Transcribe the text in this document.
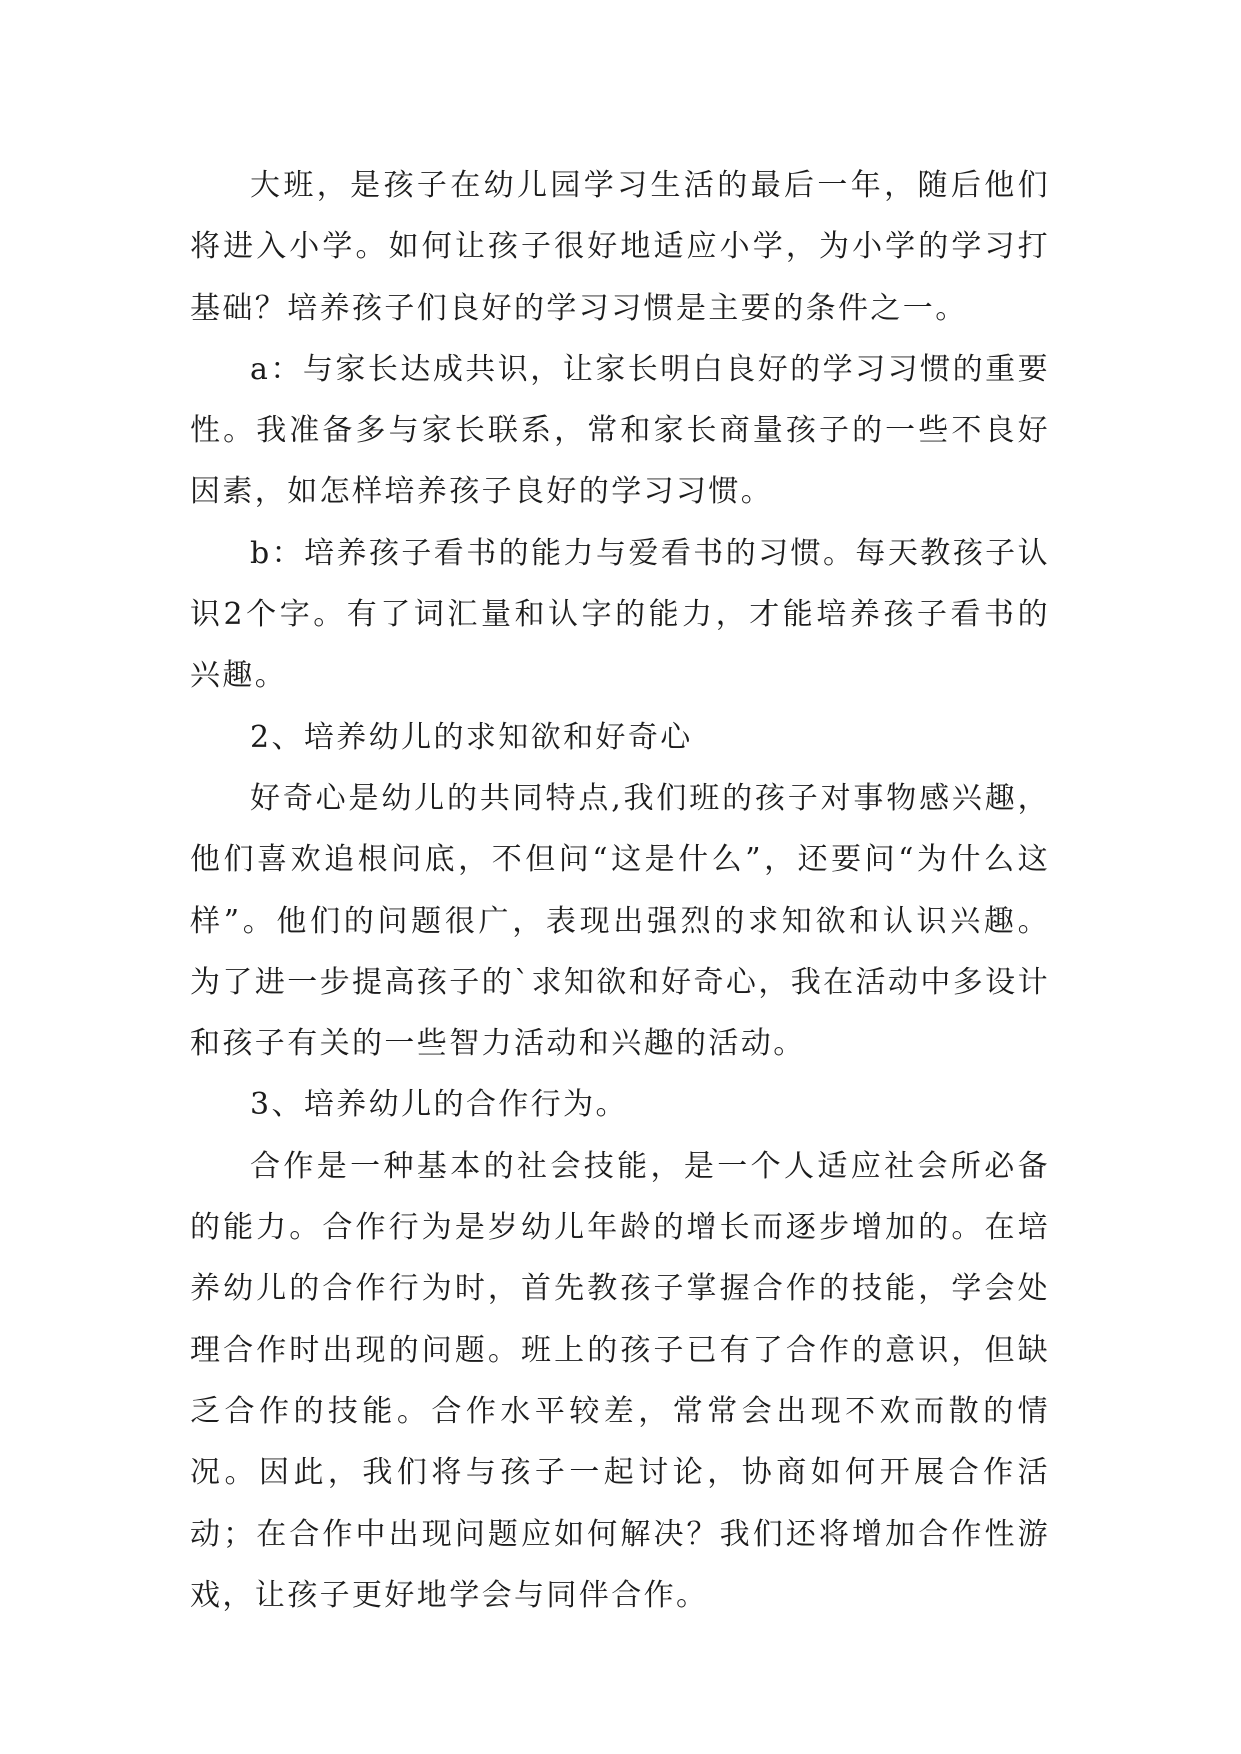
大班，是孩子在幼儿园学习生活的最后一年，随后他们将进入小学。如何让孩子很好地适应小学，为小学的学习打基础？培养孩子们良好的学习习惯是主要的条件之一。

a：与家长达成共识，让家长明白良好的学习习惯的重要性。我准备多与家长联系，常和家长商量孩子的一些不良好因素，如怎样培养孩子良好的学习习惯。

b：培养孩子看书的能力与爱看书的习惯。每天教孩子认识2个字。有了词汇量和认字的能力，才能培养孩子看书的兴趣。

2、培养幼儿的求知欲和好奇心

好奇心是幼儿的共同特点,我们班的孩子对事物感兴趣，他们喜欢追根问底，不但问“这是什么”，还要问“为什么这样”。他们的问题很广，表现出强烈的求知欲和认识兴趣。为了进一步提高孩子的`求知欲和好奇心，我在活动中多设计和孩子有关的一些智力活动和兴趣的活动。

3、培养幼儿的合作行为。

合作是一种基本的社会技能，是一个人适应社会所必备的能力。合作行为是岁幼儿年龄的增长而逐步增加的。在培养幼儿的合作行为时，首先教孩子掌握合作的技能，学会处理合作时出现的问题。班上的孩子已有了合作的意识，但缺乏合作的技能。合作水平较差，常常会出现不欢而散的情况。因此，我们将与孩子一起讨论，协商如何开展合作活动；在合作中出现问题应如何解决？我们还将增加合作性游戏，让孩子更好地学会与同伴合作。
